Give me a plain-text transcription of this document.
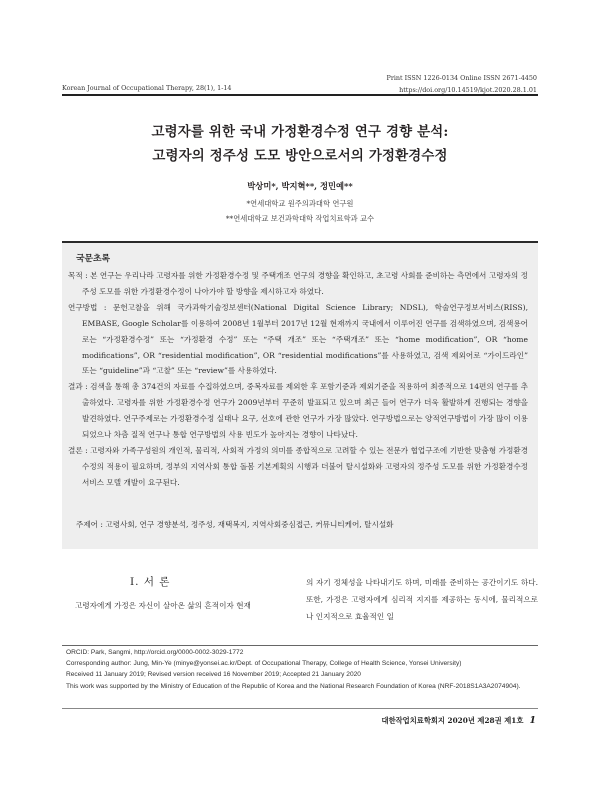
Korean Journal of Occupational Therapy, 28(1), 1-14
Print ISSN 1226-0134 Online ISSN 2671-4450
https://doi.org/10.14519/kjot.2020.28.1.01
고령자를 위한 국내 가정환경수정 연구 경향 분석:
고령자의 정주성 도모 방안으로서의 가정환경수정
박상미*, 박지혁**, 정민예**
*연세대학교 원주의과대학 연구원
**연세대학교 보건과학대학 작업치료학과 교수
국문초록

목적 : 본 연구는 우리나라 고령자를 위한 가정환경수정 및 주택개조 연구의 경향을 확인하고, 초고령 사회를 준비하는 측면에서 고령자의 정주성 도모를 위한 가정환경수정이 나아가야 할 방향을 제시하고자 하였다.

연구방법 : 문헌고찰을 위해 국가과학기술정보센터(National Digital Science Library; NDSL), 학술연구정보서비스(RISS), EMBASE, Google Scholar를 이용하여 2008년 1월부터 2017년 12월 현재까지 국내에서 이루어진 연구를 검색하였으며, 검색용어로는 “가정환경수정” 또는 “가정환경 수정” 또는 “주택 개조” 또는 “주택개조” 또는 “home modification”, OR “home modifications”, OR “residential modification”, OR “residential modifications”를 사용하였고, 검색 제외어로 “가이드라인” 또는 “guideline”과 “고찰” 또는 “review”를 사용하였다.

결과 : 검색을 통해 총 374건의 자료를 수집하였으며, 중복자료를 제외한 후 포함기준과 제외기준을 적용하여 최종적으로 14편의 연구를 추출하였다. 고령자를 위한 가정환경수정 연구가 2009년부터 꾸준히 발표되고 있으며 최근 들어 연구가 더욱 활발하게 진행되는 경향을 발견하였다. 연구주제로는 가정환경수정 실태나 요구, 선호에 관한 연구가 가장 많았다. 연구방법으로는 양적연구방법이 가장 많이 이용되었으나 차츰 질적 연구나 통합 연구방법의 사용 빈도가 높아지는 경향이 나타났다.

결론 : 고령자와 가족구성원의 개인적, 물리적, 사회적 가정의 의미를 종합적으로 고려할 수 있는 전문가 협업구조에 기반한 맞춤형 가정환경수정의 적용이 필요하며, 정부의 지역사회 통합 돌봄 기본계획의 시행과 더불어 탈시설화와 고령자의 정주성 도모를 위한 가정환경수정 서비스 모델 개발이 요구된다.

주제어 : 고령사회, 연구 경향분석, 정주성, 재택복지, 지역사회중심접근, 커뮤니티케어, 탈시설화
Ⅰ. 서 론
고령자에게 가정은 자신이 살아온 삶의 흔적이자 현재
의 자기 정체성을 나타내기도 하며, 미래를 준비하는 공간이기도 하다. 또한, 가정은 고령자에게 심리적 지지를 제공하는 동시에, 물리적으로나 인지적으로 효율적인 일

ORCID: Park, Sangmi, http://orcid.org/0000-0002-3029-1772

Corresponding author: Jung, Min-Ye (minye@yonsei.ac.kr/Dept. of Occupational Therapy, College of Health Science, Yonsei University)

Received 11 January 2019; Revised version received 16 November 2019; Accepted 21 January 2020

This work was supported by the Ministry of Education of the Republic of Korea and the National Research Foundation of Korea (NRF-2018S1A3A2074904).

대한작업치료학회지 2020년 제28권 제1호 1
